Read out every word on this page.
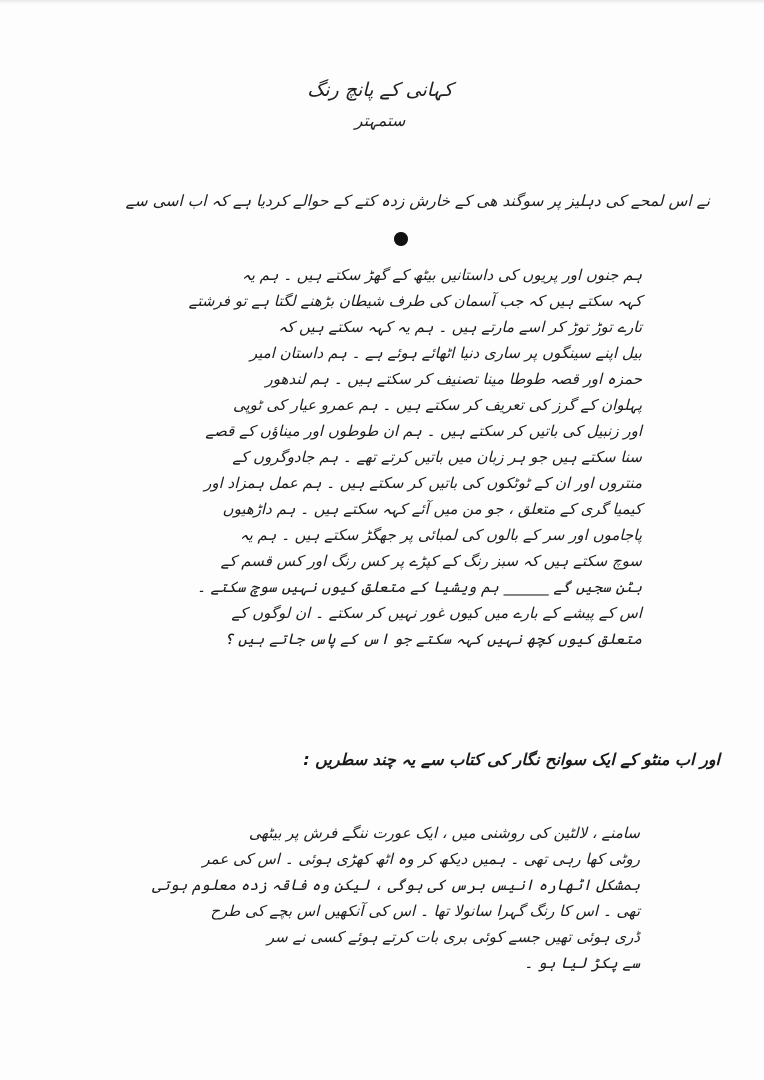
کہانی کے پانچ رنگ
ستمہتر
نے اس لمحے کی دہلیز پر سوگند ھی کے خارش زدہ کتے کے حوالے کردیا ہے کہ اب اسی سے
ہم جنوں اور پریوں کی داستانیں بیٹھ کے گھڑ سکتے ہیں ۔ ہم یہ
کہہ سکتے ہیں کہ جب آسمان کی طرف شیطان بڑھنے لگتا ہے تو فرشتے
تارے توڑ توڑ کر اسے مارتے ہیں ۔ ہم یہ کہہ سکتے ہیں کہ
بیل اپنے سینگوں پر ساری دنیا اٹھائے ہوئے ہے ۔ ہم داستان امیر
حمزہ اور قصہ طوطا مینا تصنیف کر سکتے ہیں ۔ ہم لندھور
پہلوان کے گرز کی تعریف کر سکتے ہیں ۔ ہم عمرو عیار کی ٹوپی
اور زنبیل کی باتیں کر سکتے ہیں ۔ ہم ان طوطوں اور میناؤں کے قصے
سنا سکتے ہیں جو ہر زبان میں باتیں کرتے تھے ۔ ہم جادوگروں کے
منتروں اور ان کے ٹوٹکوں کی باتیں کر سکتے ہیں ۔ ہم عمل ہمزاد اور
کیمیا گری کے متعلق ، جو من میں آئے کہہ سکتے ہیں ۔ ہم داڑھیوں
پاجاموں اور سر کے بالوں کی لمبائی پر جھگڑ سکتے ہیں ۔ ہم یہ
سوچ سکتے ہیں کہ سبز رنگ کے کپڑے پر کس رنگ اور کس قسم کے
بٹن سجیں گے ______ ہم ویشیا کے متعلق کیوں نہیں سوچ سکتے ۔
اس کے پیشے کے بارے میں کیوں غور نہیں کر سکتے ۔ ان لوگوں کے
متعلق کیوں کچھ نہیں کہہ سکتے جو اس کے پاس جاتے ہیں ؟
اور اب منٹو کے ایک سوانح نگار کی کتاب سے یہ چند سطریں :
سامنے ، لالٹین کی روشنی میں ، ایک عورت ننگے فرش پر بیٹھی
روٹی کھا رہی تھی ۔ ہمیں دیکھ کر وہ اٹھ کھڑی ہوئی ۔ اس کی عمر
بمشکل اٹھارہ انیس برس کی ہوگی ، لیکن وہ فاقہ زدہ معلوم ہوتی
تھی ۔ اس کا رنگ گہرا سانولا تھا ۔ اس کی آنکھیں اس بچے کی طرح
ڈری ہوئی تھیں جسے کوئی بری بات کرتے ہوئے کسی نے سر
سے پکڑ لیا ہو ۔
